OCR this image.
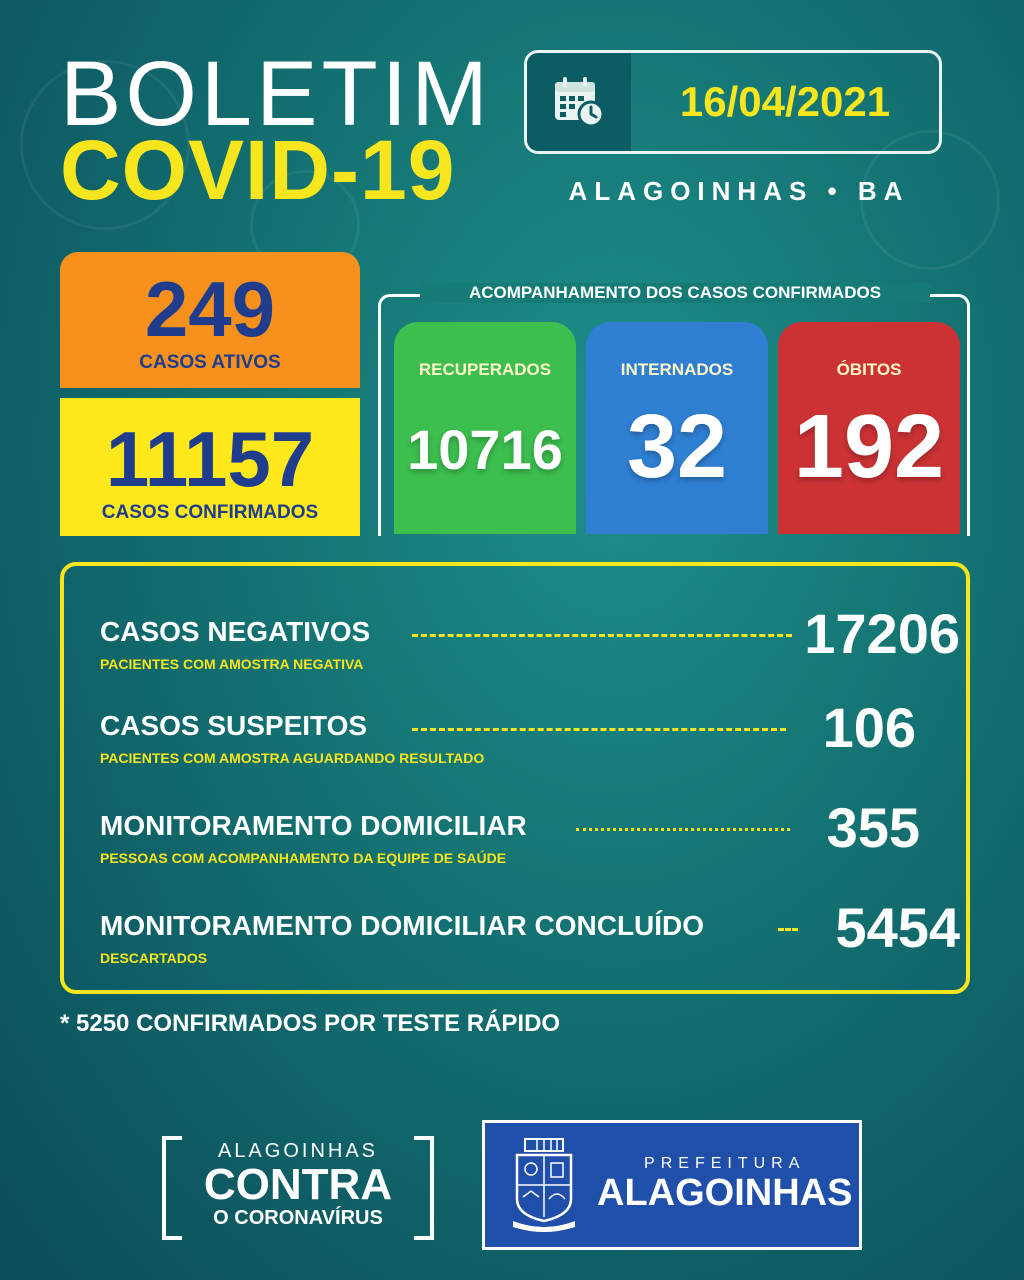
BOLETIM
COVID-19
16/04/2021
ALAGOINHAS • BA
249
CASOS ATIVOS
11157
CASOS CONFIRMADOS
ACOMPANHAMENTO DOS CASOS CONFIRMADOS
RECUPERADOS
10716
INTERNADOS
32
ÓBITOS
192
CASOS NEGATIVOS
PACIENTES COM AMOSTRA NEGATIVA	17206
CASOS SUSPEITOS
PACIENTES COM AMOSTRA AGUARDANDO RESULTADO	106
MONITORAMENTO DOMICILIAR
PESSOAS COM ACOMPANHAMENTO DA EQUIPE DE SAÚDE	355
MONITORAMENTO DOMICILIAR CONCLUÍDO
DESCARTADOS	5454
* 5250 CONFIRMADOS POR TESTE RÁPIDO
ALAGOINHAS
CONTRA
O CORONAVÍRUS
PREFEITURA
ALAGOINHAS
